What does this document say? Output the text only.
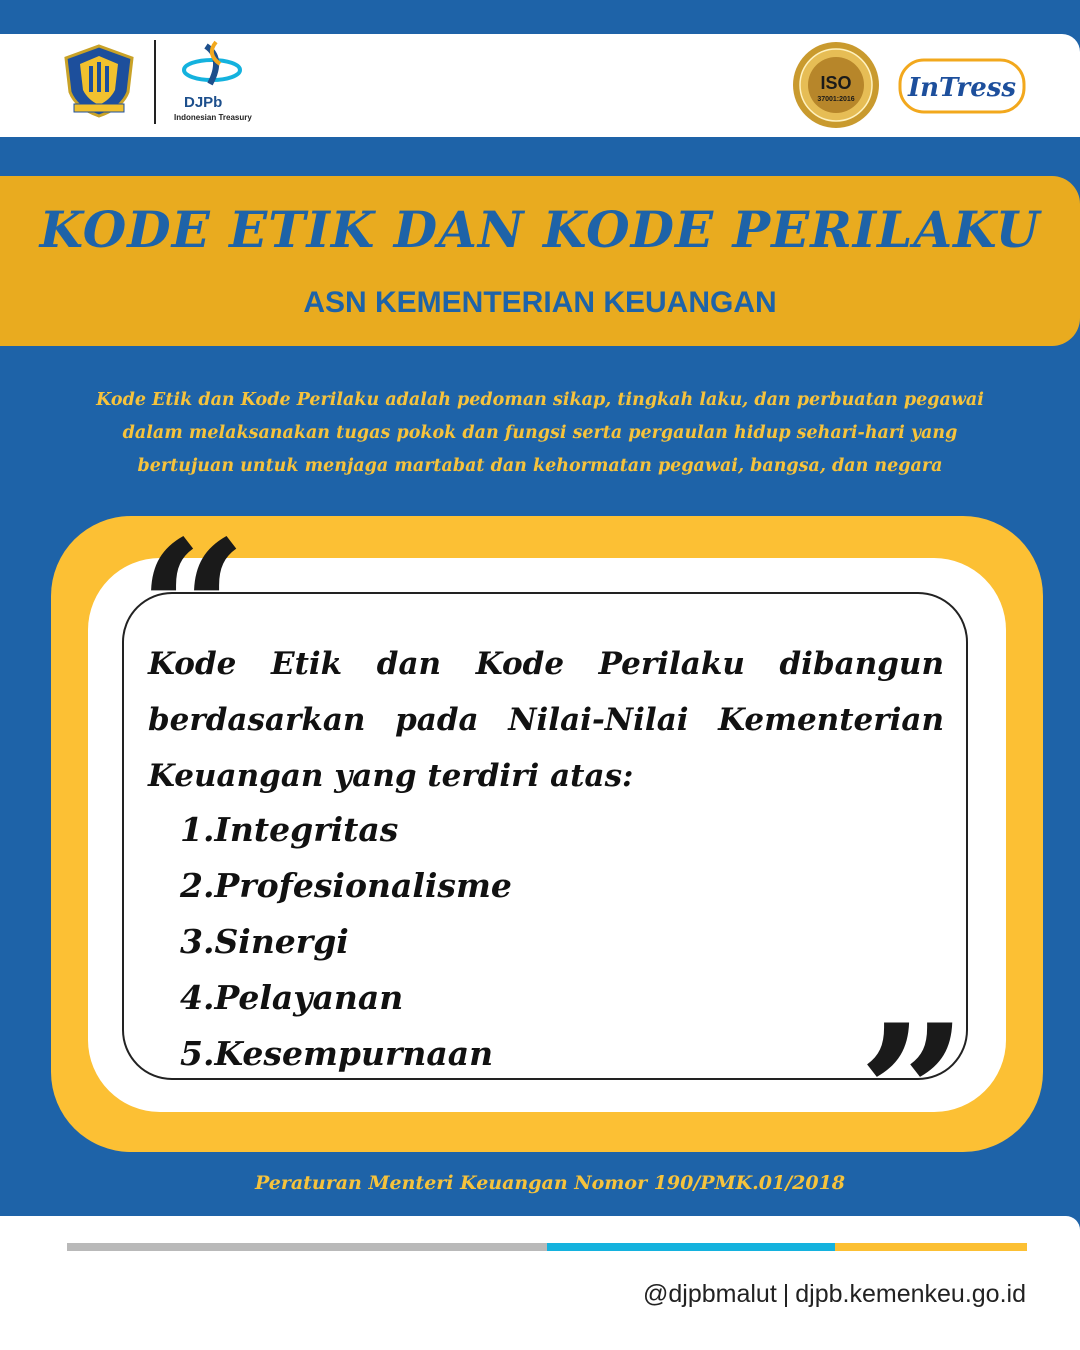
DJPb
Indonesian Treasury
ISO
37001:2016 InTress
KODE ETIK DAN KODE PERILAKU
ASN KEMENTERIAN KEUANGAN
Kode Etik dan Kode Perilaku adalah pedoman sikap, tingkah laku, dan perbuatan pegawai
dalam melaksanakan tugas pokok dan fungsi serta pergaulan hidup sehari-hari yang
bertujuan untuk menjaga martabat dan kehormatan pegawai, bangsa, dan negara
“
”
Kode Etik dan Kode Perilaku dibangun berdasarkan pada Nilai-Nilai Kementerian Keuangan yang terdiri atas:
1.Integritas
2.Profesionalisme
3.Sinergi
4.Pelayanan
5.Kesempurnaan
Peraturan Menteri Keuangan Nomor 190/PMK.01/2018
@djpbmalut | djpb.kemenkeu.go.id
